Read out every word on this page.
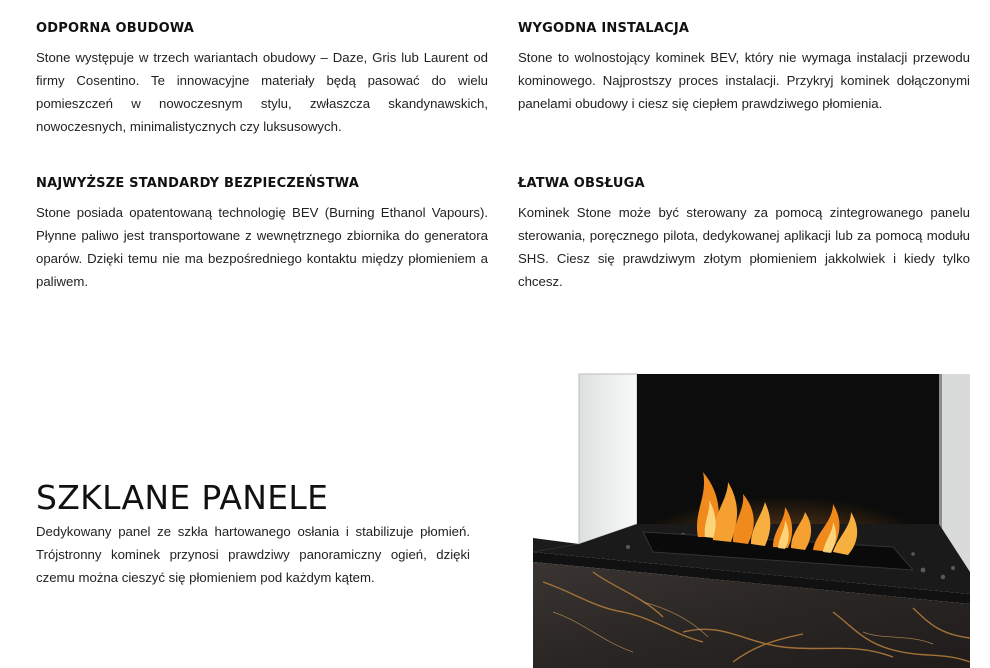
ODPORNA OBUDOWA

Stone występuje w trzech wariantach obudowy – Daze, Gris lub Laurent od firmy Cosentino. Te innowacyjne materiały będą pasować do wielu pomieszczeń w nowoczesnym stylu, zwłaszcza skandynawskich, nowoczesnych, minimalistycznych czy luksusowych.

WYGODNA INSTALACJA

Stone to wolnostojący kominek BEV, który nie wymaga instalacji przewodu kominowego. Najprostszy proces instalacji. Przykryj kominek dołączonymi panelami obudowy i ciesz się ciepłem prawdziwego płomienia.

NAJWYŻSZE STANDARDY BEZPIECZEŃSTWA

Stone posiada opatentowaną technologię BEV (Burning Ethanol Vapours). Płynne paliwo jest transportowane z wewnętrznego zbiornika do generatora oparów. Dzięki temu nie ma bezpośredniego kontaktu między płomieniem a paliwem.

ŁATWA OBSŁUGA

Kominek Stone może być sterowany za pomocą zintegrowanego panelu sterowania, poręcznego pilota, dedykowanej aplikacji lub za pomocą modułu SHS. Ciesz się prawdziwym złotym płomieniem jakkolwiek i kiedy tylko chcesz.

SZKLANE PANELE

Dedykowany panel ze szkła hartowanego osłania i stabilizuje płomień. Trójstronny kominek przynosi prawdziwy panoramiczny ogień, dzięki czemu można cieszyć się płomieniem pod każdym kątem.
